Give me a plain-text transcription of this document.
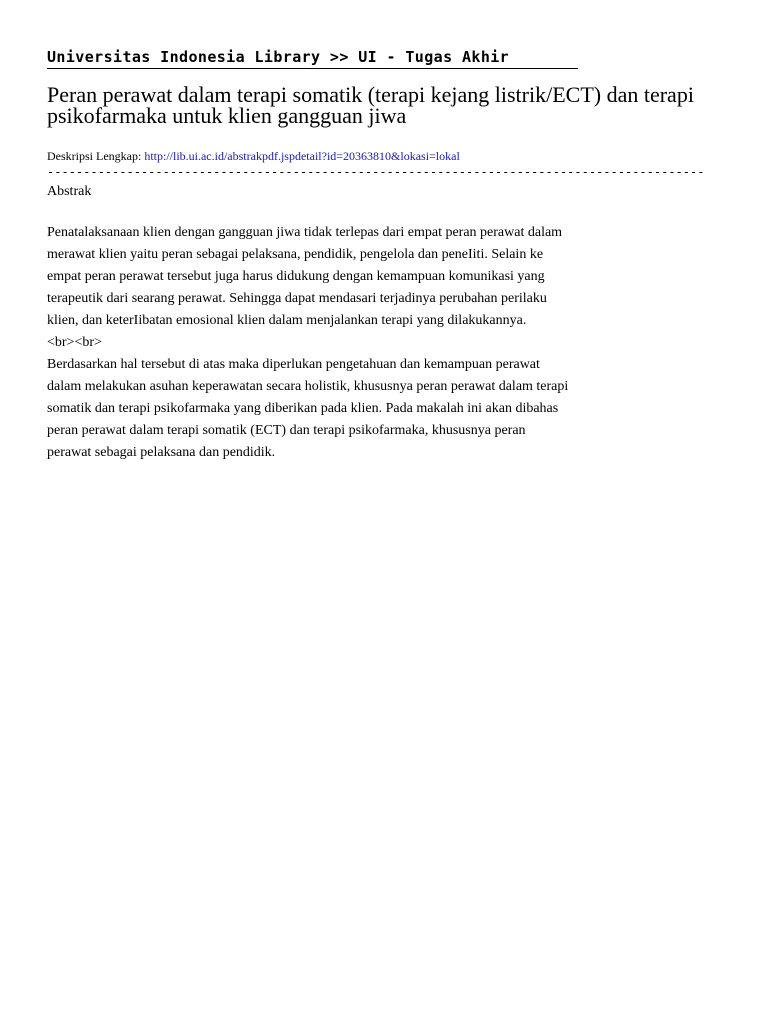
Universitas Indonesia Library >> UI - Tugas Akhir
Peran perawat dalam terapi somatik (terapi kejang listrik/ECT) dan terapi psikofarmaka untuk klien gangguan jiwa
Deskripsi Lengkap: http://lib.ui.ac.id/abstrakpdf.jspdetail?id=20363810&lokasi=lokal
-------------------------------------------------------------------------------------------
Abstrak
Penatalaksanaan klien dengan gangguan jiwa tidak terlepas dari empat peran perawat dalam
merawat klien yaitu peran sebagai pelaksana, pendidik, pengelola dan peneIiti. Selain ke
empat peran perawat tersebut juga harus didukung dengan kemampuan komunikasi yang
terapeutik dari searang perawat. Sehingga dapat mendasari terjadinya perubahan perilaku
klien, dan keterIibatan emosional klien dalam menjalankan terapi yang dilakukannya.
<br><br>
Berdasarkan hal tersebut di atas maka diperlukan pengetahuan dan kemampuan perawat
dalam melakukan asuhan keperawatan secara holistik, khususnya peran perawat dalam terapi
somatik dan terapi psikofarmaka yang diberikan pada klien. Pada makalah ini akan dibahas
peran perawat dalam terapi somatik (ECT) dan terapi psikofarmaka, khususnya peran
perawat sebagai pelaksana dan pendidik.
